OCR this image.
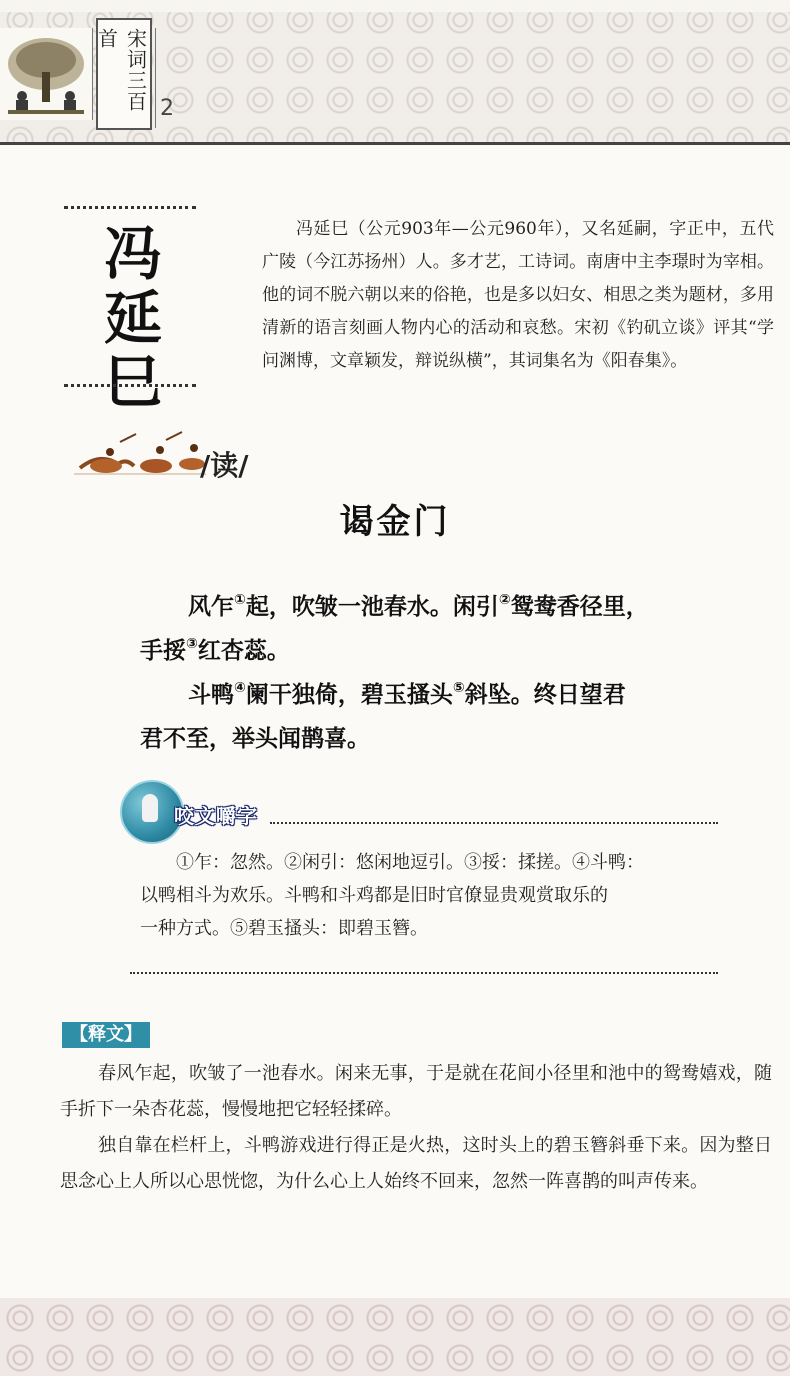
宋词三百首
2
冯
延
巳

冯延巳（公元903年—公元960年），又名延嗣，字正中，五代广陵（今江苏扬州）人。多才艺，工诗词。南唐中主李璟时为宰相。他的词不脱六朝以来的俗艳，也是多以妇女、相思之类为题材，多用清新的语言刻画人物内心的活动和哀愁。宋初《钓矶立谈》评其“学问渊博，文章颖发，辩说纵横”，其词集名为《阳春集》。

/读/
谒金门
风乍①起，吹皱一池春水。闲引②鸳鸯香径里，
手挼③红杏蕊。
斗鸭④阑干独倚，碧玉搔头⑤斜坠。终日望君
君不至，举头闻鹊喜。
咬文嚼字

①乍：忽然。②闲引：悠闲地逗引。③挼：揉搓。④斗鸭：

以鸭相斗为欢乐。斗鸭和斗鸡都是旧时官僚显贵观赏取乐的

一种方式。⑤碧玉搔头：即碧玉簪。

【释文】

春风乍起，吹皱了一池春水。闲来无事，于是就在花间小径里和池中的鸳鸯嬉戏，随手折下一朵杏花蕊，慢慢地把它轻轻揉碎。

独自靠在栏杆上，斗鸭游戏进行得正是火热，这时头上的碧玉簪斜垂下来。因为整日思念心上人所以心思恍惚，为什么心上人始终不回来，忽然一阵喜鹊的叫声传来。
